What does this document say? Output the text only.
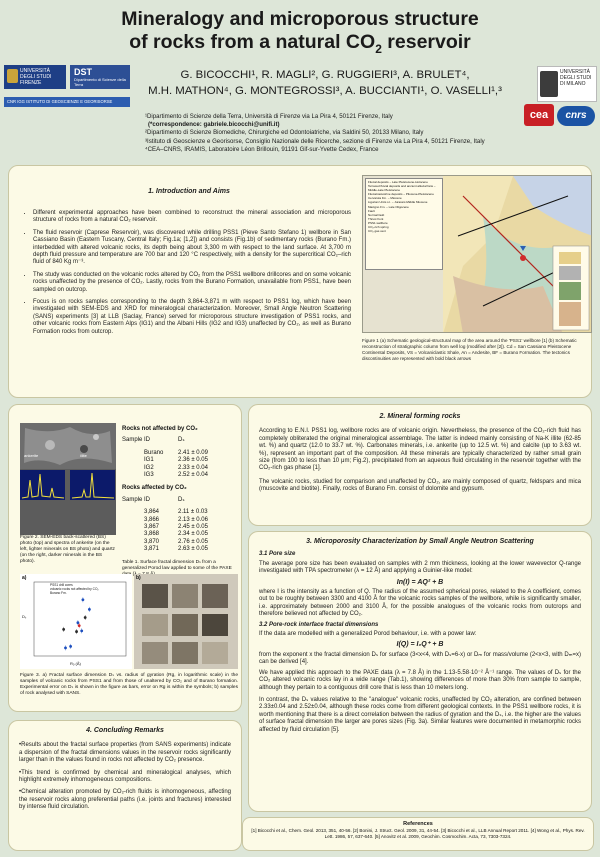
Mineralogy and microporous structure
of rocks from a natural $CO_2$ reservoir
UNIVERSITÀ DEGLI STUDI FIRENZE
DST
Dipartimento di Scienze della Terra
CNR IGG ISTITUTO DI GEOSCIENZE E GEORISORSE
UNIVERSITÀ DEGLI STUDI DI MILANO
cea	cnrs
G. BICOCCHI¹, R. MAGLI², G. RUGGIERI³, A. BRULET⁴,
M.H. MATHON⁴, G. MONTEGROSSI³, A. BUCCIANTI¹, O. VASELLI¹,³
¹Dipartimento di Scienze della Terra, Università di Firenze via La Pira 4, 50121 Firenze, Italy
(*correspondence: gabriele.bicocchi@unifi.it)
²Dipartimento di Scienze Biomediche, Chirurgiche ed Odontoiatriche, via Saldini 50, 20133 Milano, Italy
³Istituto di Geoscienze e Georisorse, Consiglio Nazionale delle Ricerche, sezione di Firenze via La Pira 4, 50121 Firenze, Italy
⁴CEA–CNRS, IRAMIS, Laboratoire Léon Brillouin, 91191 Gif-sur-Yvette Cedex, France
1. Introduction and Aims
• Different experimental approaches have been combined to reconstruct the mineral association and microporous structure of rocks from a natural CO₂ reservoir.
• The fluid reservoir (Caprese Reservoir), was discovered while drilling PSS1 (Pieve Santo Stefano 1) wellbore in San Cassiano Basin (Eastern Tuscany, Central Italy; Fig.1a; [1,2]) and consists (Fig.1b) of sedimentary rocks (Burano Fm.) interbedded with altered volcanic rocks, its depth being about 3,300 m with respect to the land surface. At 3,700 m depth fluid pressure and temperature are 700 bar and 120 °C respectively, with a density for the supercritical CO₂–rich fluid of 840 Kg m⁻³.
• The study was conducted on the volcanic rocks altered by CO₂ from the PSS1 wellbore drillcores and on some volcanic rocks unaffected by the presence of CO₂. Lastly, rocks from the Burano Formation, unavailable from PSS1, have been sampled on outcrop.
• Focus is on rocks samples corresponding to the depth 3,864-3,871 m with respect to PSS1 log, which have been investigated with SEM-EDS and XRD for mineralogical characterization. Moreover, Small Angle Neutron Scattering (SANS) experiments [3] at LLB (Saclay, France) served for microporous structure investigation of PSS1 rocks, and other volcanic rocks from Eastern Alps (IG1) and the Albani Hills (IG2 and IG3) unaffected by CO₂, as well as Burano Formation rocks from outcrop.
Fluvial deposits – Late Pleistocene-Holocene
Terraced fluvial deposits and ancient alluvial fans – Middle-Late Pleistocene
Fluvial-lacustrine deposits – Pliocene-Pleistocene
Cervarola Fm. – Miocene
Ligurian Units s.l. – Jurassic-Middle Miocene
Macigno Fm. – Late Oligocene
Fault
Normal fault
Thrust front
PSS1 wellbore
CO₂-rich spring
CO₂ gas vent
Figure 1 (a) Schematic geological-structural map of the area around the 'PSS1' wellbore [1] (b) Schematic reconstruction of stratigraphic column from well log (modified after [2]). Cd = San Cassiano Pleistocene Continental Deposits, VS = Volcaniclastic Shale, An = Andesite, BF = Burano Formation. The tectonics discontinuities are represented with bold black arrows
ankerite	illite
Figure 2. SEM-EDS back-scattered (BS) photo (top) and spectra of ankerite (on the left, lighter minerals on BS photo) and quartz (on the right, darker minerals in the BS photo).
Rocks not affected by CO₂
Sample ID	Dₛ
Burano	2.41 ± 0.09
IG1	2.36 ± 0.05
IG2	2.33 ± 0.04
IG3	2.52 ± 0.04
Rocks affected by CO₂
Sample ID	Dₛ
3,864	2.11 ± 0.03
3,866	2.13 ± 0.06
3,867	2.45 ± 0.05
3,868	2.34 ± 0.05
3,870	2.76 ± 0.05
3,871	2.63 ± 0.05
Table 1. Surface fractal dimension Dₛ from a generalized Porod law applied to some of the PAXE
a)
PSS1 drill cores
volcanic rocks not affected by CO₂
Burano Fm.
Dₛ
Rₒ (Å)
b)
Figure 3. a) Fractal surface dimension Dₛ vs. radius of gyration (Rg, in logarithmic scale) in the samples of volcanic rocks from PSS1 and from those of unaltered by CO₂ and of Burano formation. Experimental error on Dₛ is shown in the figure as bars, error on Rg is within the symbols; b) samples of rock analysed with SANS.
2. Mineral forming rocks

According to E.N.I. PSS1 log, wellbore rocks are of volcanic origin. Nevertheless, the presence of the CO₂-rich fluid has completely obliterated the original mineralogical assemblage. The latter is indeed mainly consisting of Na-K illite (62-85 wt. %) and quartz (12.0 to 33.7 wt. %). Carbonates minerals, i.e. ankerite (up to 12.5 wt. %) and calcite (up to 3.63 wt. %), represent an important part of the composition. All these minerals are typically characterized by rather small grain size (from 100 to less than 10 μm; Fig.2), precipitated from an aqueous fluid circulating in the reservoir together with the CO₂-rich gas phase [1].

The volcanic rocks, studied for comparison and unaffected by CO₂, are mainly composed of quartz, feldspars and mica (muscovite and biotite). Finally, rocks of Burano Fm. consist of dolomite and gypsum.

3. Microporosity Characterization by Small Angle Neutron Scattering
3.1 Pore size

The average pore size has been evaluated on samples with 2 mm thickness, looking at the lower wavevector Q-range investigated with TPA spectrometer (λ = 12 Å) and applying a Guinier-like model:

In(I) = AQ² + B

where I is the intensity as a function of Q. The radius of the assumed spherical pores, related to the A coefficient, comes out to be roughly between 3300 and 4100 Å for the volcanic rocks samples of the wellbore, while is significantly smaller, i.e. approximately between 2000 and 3100 Å, for the possible analogues of the volcanic rocks from outcrops and therefore believed not affected by CO₂.

3.2 Pore-rock interface fractal dimensions

If the data are modelled with a generalized Porod behaviour, i.e. with a power law:

I(Q) = I₀Q⁺ + B

from the exponent x the fractal dimension Dₛ for surface (3<x<4, with Dₛ=6-x) or Dₘ for mass/volume (2<x<3, with Dₘ=x) can be derived [4].

We have applied this approach to the PAXE data (λ = 7.8 Å) in the 1.13-5.58·10⁻² Å⁻¹ range. The values of Dₛ for the CO₂ altered volcanic rocks lay in a wide range (Tab.1), showing differences of more than 30% from sample to sample, although they pertain to a contiguous drill core that is less than 10 meters long.

In contrast, the Dₛ values relative to the "analogue" volcanic rocks, unaffected by CO₂ alteration, are confined between 2.33±0.04 and 2.52±0.04, although these rocks come from different geological contexts. In the PSS1 wellbore rocks, it is worth mentioning that there is a direct correlation between the radius of gyration and the Dₛ, i.e. the higher are the values of surface fractal dimension the larger are pores sizes (Fig. 3a). Similar features were documented in metamorphic rocks affected by fluid circulation [5].

4. Concluding Remarks
•Results about the fractal surface properties (from SANS experiments) indicate a dispersion of the fractal dimensions values in the reservoir rocks significantly larger than in the values found in rocks not affected by CO₂ presence.
•This trend is confirmed by chemical and mineralogical analyses, which highlight extremely inhomogeneous compositions.
•Chemical alteration promoted by CO₂-rich fluids is inhomogeneous, affecting the reservoir rocks along preferential paths (i.e. joints and fractures) interested by intense fluid circulation.
References
[1] Bicocchi et al., Chem. Geol. 2013, 351, 40-56. [2] Bonini, J. Struct. Geol. 2009, 31, 44-54. [3] Bicocchi et al., LLB Annual Report 2011. [4] Wong et al., Phys. Rev. Lett. 1986, 57, 637-640. [5] Anovitz et al. 2009, Geochim. Cosmochim. Acta, 73, 7303-7324.
